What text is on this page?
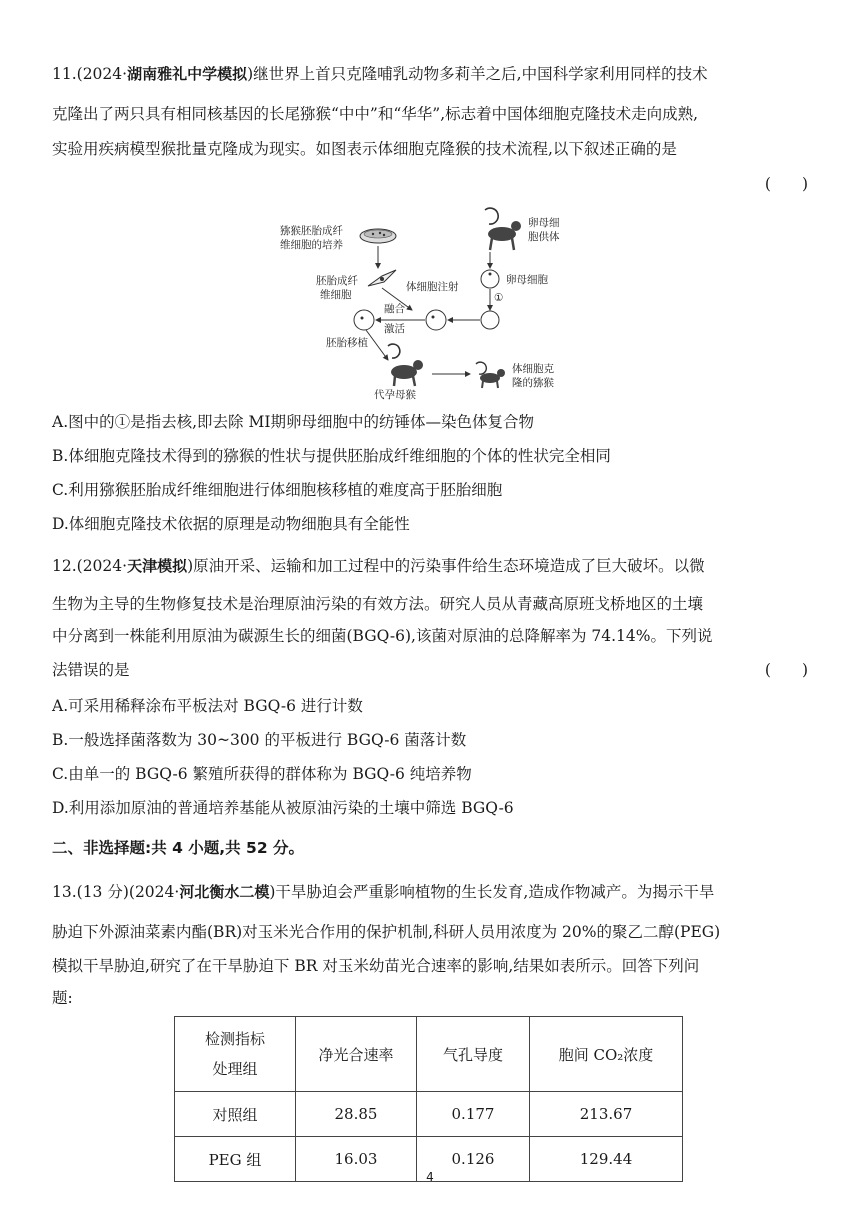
11.(2024·湖南雅礼中学模拟)继世界上首只克隆哺乳动物多莉羊之后,中国科学家利用同样的技术
克隆出了两只具有相同核基因的长尾猕猴“中中”和“华华”,标志着中国体细胞克隆技术走向成熟,
实验用疾病模型猴批量克隆成为现实。如图表示体细胞克隆猴的技术流程,以下叙述正确的是
(　　)
猕猴胚胎成纤
维细胞的培养
胚胎成纤
维细胞
体细胞注射
卵母细
胞供体
卵母细胞
①
融合
激活
胚胎移植
代孕母猴
体细胞克
隆的猕猴
A.图中的①是指去核,即去除 MⅠ期卵母细胞中的纺锤体—染色体复合物
B.体细胞克隆技术得到的猕猴的性状与提供胚胎成纤维细胞的个体的性状完全相同
C.利用猕猴胚胎成纤维细胞进行体细胞核移植的难度高于胚胎细胞
D.体细胞克隆技术依据的原理是动物细胞具有全能性
12.(2024·天津模拟)原油开采、运输和加工过程中的污染事件给生态环境造成了巨大破坏。以微
生物为主导的生物修复技术是治理原油污染的有效方法。研究人员从青藏高原班戈桥地区的土壤
中分离到一株能利用原油为碳源生长的细菌(BGQ-6),该菌对原油的总降解率为 74.14%。下列说
法错误的是	(　　)
A.可采用稀释涂布平板法对 BGQ-6 进行计数
B.一般选择菌落数为 30~300 的平板进行 BGQ-6 菌落计数
C.由单一的 BGQ-6 繁殖所获得的群体称为 BGQ-6 纯培养物
D.利用添加原油的普通培养基能从被原油污染的土壤中筛选 BGQ-6
二、非选择题:共 4 小题,共 52 分。
13.(13 分)(2024·河北衡水二模)干旱胁迫会严重影响植物的生长发育,造成作物减产。为揭示干旱
胁迫下外源油菜素内酯(BR)对玉米光合作用的保护机制,科研人员用浓度为 20%的聚乙二醇(PEG)
模拟干旱胁迫,研究了在干旱胁迫下 BR 对玉米幼苗光合速率的影响,结果如表所示。回答下列问
题:
检测指标
处理组	净光合速率	气孔导度	胞间 CO₂浓度
对照组	28.85	0.177	213.67
PEG 组	16.03	0.126	129.44
4
